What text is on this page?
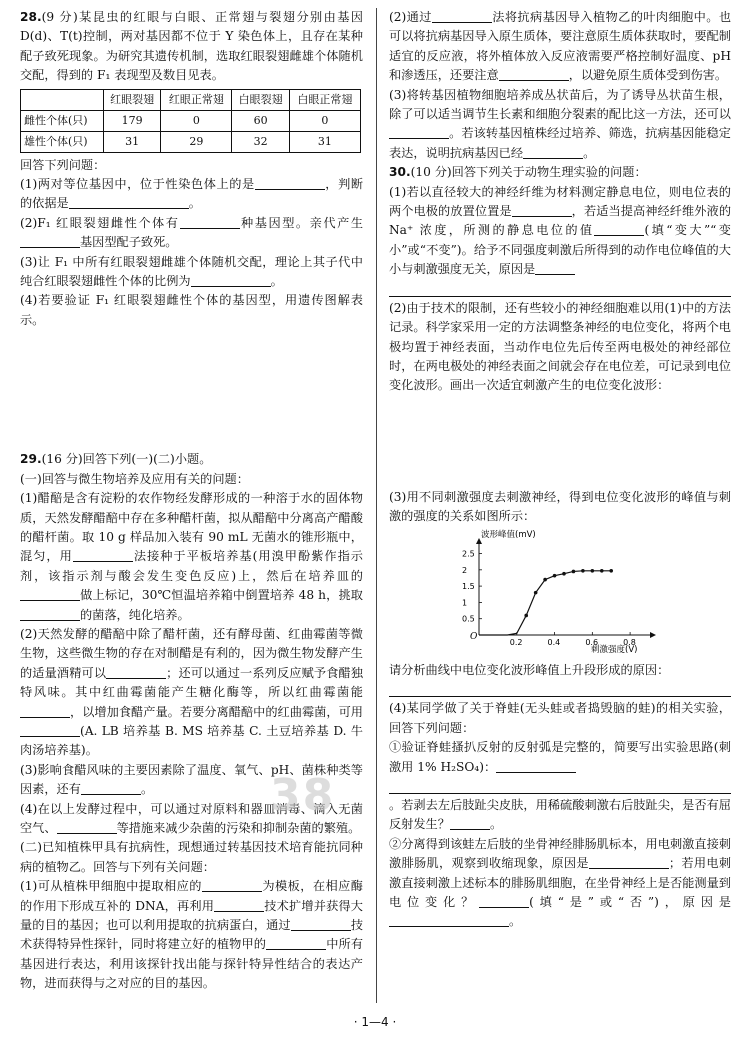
28.(9 分)某昆虫的红眼与白眼、正常翅与裂翅分别由基因D(d)、T(t)控制，两对基因都不位于 Y 染色体上，且存在某种配子致死现象。为研究其遗传机制，选取红眼裂翅雌雄个体随机交配，得到的 F₁ 表现型及数目见表。

	红眼裂翅	红眼正常翅	白眼裂翅	白眼正常翅
雌性个体(只)	179	0	60	0
雄性个体(只)	31	29	32	31

回答下列问题：

(1)两对等位基因中，位于性染色体上的是	，判断的依据是	。

(2)F₁ 红眼裂翅雌性个体有	种基因型。亲代产生基因型配子致死。

(3)让 F₁ 中所有红眼裂翅雌雄个体随机交配，理论上其子代中纯合红眼裂翅雌性个体的比例为	。

(4)若要验证 F₁ 红眼裂翅雌性个体的基因型，用遗传图解表示。

29.(16 分)回答下列(一)(二)小题。

(一)回答与微生物培养及应用有关的问题：

(1)醋醅是含有淀粉的农作物经发酵形成的一种溶于水的固体物质，天然发酵醋醅中存在多种醋杆菌，拟从醋醅中分离高产醋酸的醋杆菌。取 10 g 样品加入装有 90 mL 无菌水的锥形瓶中，混匀，用	法接种于平板培养基(用溴甲酚紫作指示剂，该指示剂与酸会发生变色反应)上，然后在培养皿的做上标记，30℃恒温培养箱中倒置培养 48 h，挑取的菌落，纯化培养。

(2)天然发酵的醋醅中除了醋杆菌，还有酵母菌、红曲霉菌等微生物，这些微生物的存在对制醋是有利的，因为微生物发酵产生的适量酒精可以	；还可以通过一系列反应赋予食醋独特风味。其中红曲霉菌能产生糖化酶等，所以红曲霉菌能，以增加食醋产量。若要分离醋醅中的红曲霉菌，可用(A. LB 培养基 B. MS 培养基 C. 土豆培养基 D. 牛肉汤培养基)。

(3)影响食醋风味的主要因素除了温度、氧气、pH、菌株种类等因素，还有	。

(4)在以上发酵过程中，可以通过对原料和器皿消毒、滴入无菌空气、	等措施来减少杂菌的污染和抑制杂菌的繁殖。

(二)已知植株甲具有抗病性，现想通过转基因技术培育能抗同种病的植物乙。回答与下列有关问题：

(1)可从植株甲细胞中提取相应的	为模板，在相应酶的作用下形成互补的 DNA，再利用	技术扩增并获得大量的目的基因；也可以利用提取的抗病蛋白，通过	技术获得特异性探针，同时将建立好的植物甲的	中所有基因进行表达，利用该探针找出能与探针特异性结合的表达产物，进而获得与之对应的目的基因。

(2)通过	法将抗病基因导入植物乙的叶肉细胞中。也可以将抗病基因导入原生质体，要注意原生质体获取时，要配制适宜的反应液，将外植体放入反应液需要严格控制好温度、pH 和渗透压，还要注意	，以避免原生质体受到伤害。

(3)将转基因植物细胞培养成丛状苗后，为了诱导丛状苗生根，除了可以适当调节生长素和细胞分裂素的配比这一方法，还可以。若该转基因植株经过培养、筛选，抗病基因能稳定表达，说明抗病基因已经	。

30.(10 分)回答下列关于动物生理实验的问题：

(1)若以直径较大的神经纤维为材料测定静息电位，则电位表的两个电极的放置位置是	，若适当提高神经纤维外液的 Na⁺ 浓度，所测的静息电位的值	(填“变大”“变小”或“不变”)。给予不同强度刺激后所得到的动作电位峰值的大小与刺激强度无关，原因是

(2)由于技术的限制，还有些较小的神经细胞难以用(1)中的方法记录。科学家采用一定的方法调整条神经的电位变化，将两个电极均置于神经表面，当动作电位先后传至两电极处的神经部位时，在两电极处的神经表面之间就会存在电位差，可记录到电位变化波形。画出一次适宜刺激产生的电位变化波形：

(3)用不同刺激强度去刺激神经，得到电位变化波形的峰值与刺激的强度的关系如图所示：

波形峰值(mV)
刺激强度(V)
O
0.2	0.4	0.6	0.8
0.5
1
1.5
2
2.5

请分析曲线中电位变化波形峰值上升段形成的原因：

(4)某同学做了关于脊蛙(无头蛙或者捣毁脑的蛙)的相关实验，回答下列问题：

①验证脊蛙搔扒反射的反射弧是完整的，简要写出实验思路(刺激用 1% H₂SO₄)：

。若剥去左后肢趾尖皮肤，用稀硫酸刺激右后肢趾尖，是否有屈反射发生？	。

②分离得到该蛙左后肢的坐骨神经腓肠肌标本，用电刺激直接刺激腓肠肌，观察到收缩现象，原因是	；若用电刺激直接刺激上述标本的腓肠肌细胞，在坐骨神经上是否能测量到电位变化？	(填“是”或“否”)，原因是。

38
· 1—4 ·
